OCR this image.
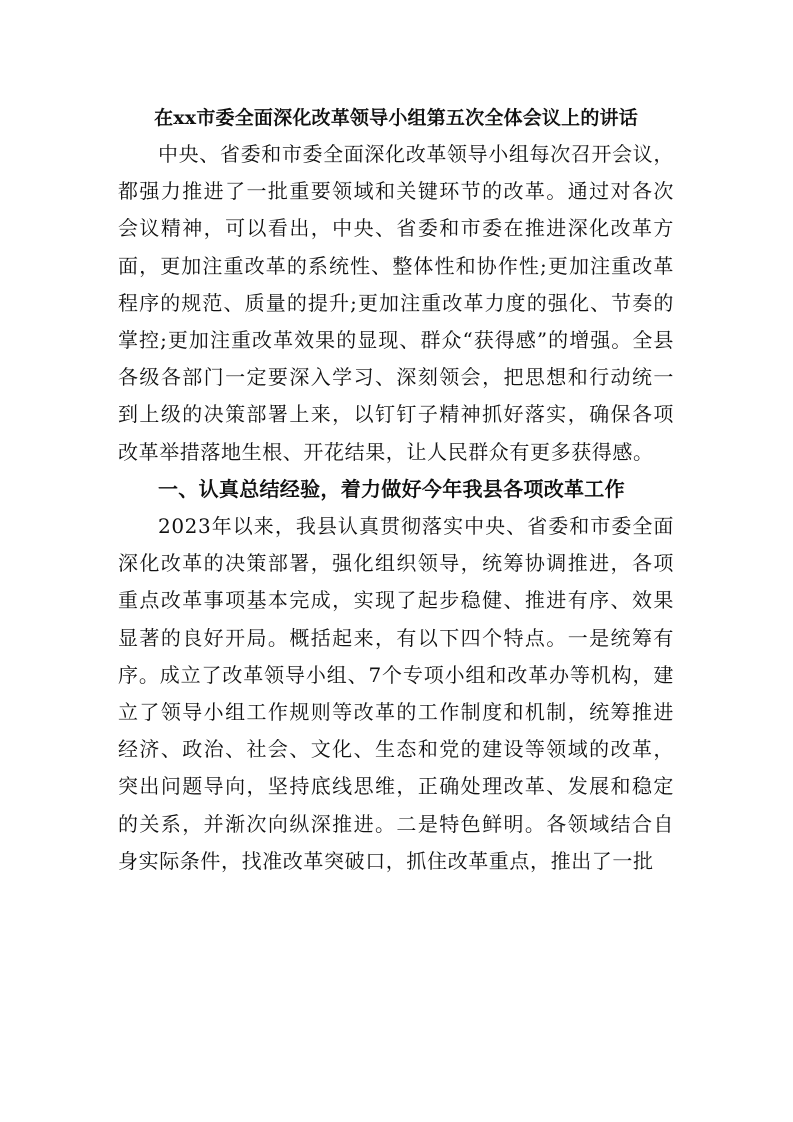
在xx市委全面深化改革领导小组第五次全体会议上的讲话

中央、省委和市委全面深化改革领导小组每次召开会议，都强力推进了一批重要领域和关键环节的改革。通过对各次会议精神，可以看出，中央、省委和市委在推进深化改革方面，更加注重改革的系统性、整体性和协作性;更加注重改革程序的规范、质量的提升;更加注重改革力度的强化、节奏的掌控;更加注重改革效果的显现、群众“获得感”的增强。全县各级各部门一定要深入学习、深刻领会，把思想和行动统一到上级的决策部署上来，以钉钉子精神抓好落实，确保各项改革举措落地生根、开花结果，让人民群众有更多获得感。

一、认真总结经验，着力做好今年我县各项改革工作

2023年以来，我县认真贯彻落实中央、省委和市委全面深化改革的决策部署，强化组织领导，统筹协调推进，各项重点改革事项基本完成，实现了起步稳健、推进有序、效果显著的良好开局。概括起来，有以下四个特点。一是统筹有序。成立了改革领导小组、7个专项小组和改革办等机构，建立了领导小组工作规则等改革的工作制度和机制，统筹推进经济、政治、社会、文化、生态和党的建设等领域的改革，突出问题导向，坚持底线思维，正确处理改革、发展和稳定的关系，并渐次向纵深推进。二是特色鲜明。各领域结合自身实际条件，找准改革突破口，抓住改革重点，推出了一批
